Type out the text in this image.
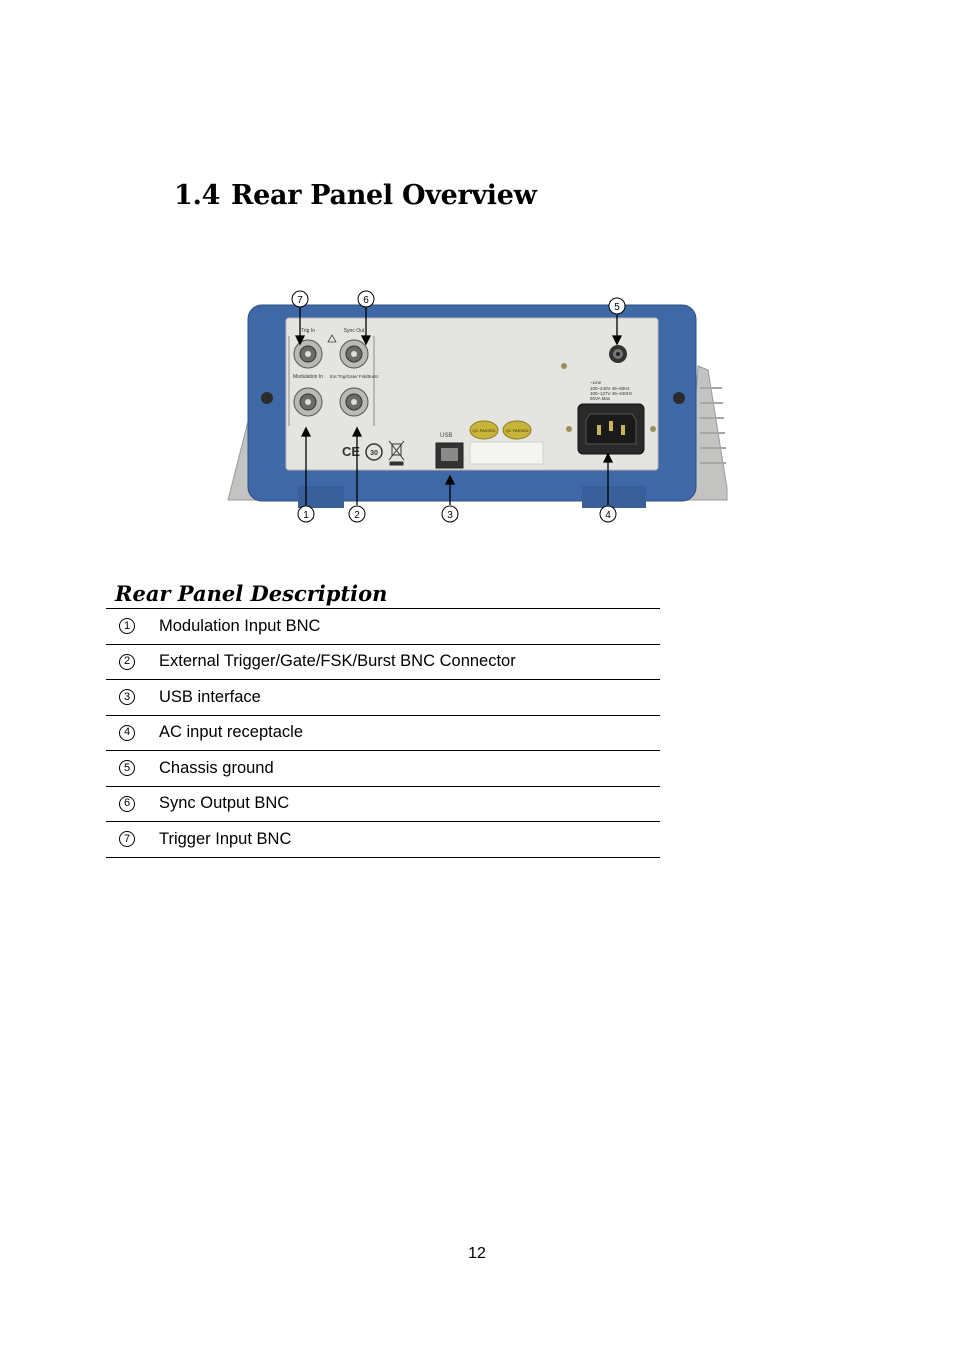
1.4 Rear Panel Overview
Trig In	Sync Out
Modulation In Ext Trig/Gate/ Fsk/Burst
CE 30
USB
QC PASSED QC PASSED
~Line
100–240V 45–60Hz
100–127V 45–440Hz
50VA Max
7	6
5
1	2	3	4
Rear Panel Description
1 Modulation Input BNC
2 External Trigger/Gate/FSK/Burst BNC Connector
3 USB interface
4 AC input receptacle
5 Chassis ground
6 Sync Output BNC
7 Trigger Input BNC
12
